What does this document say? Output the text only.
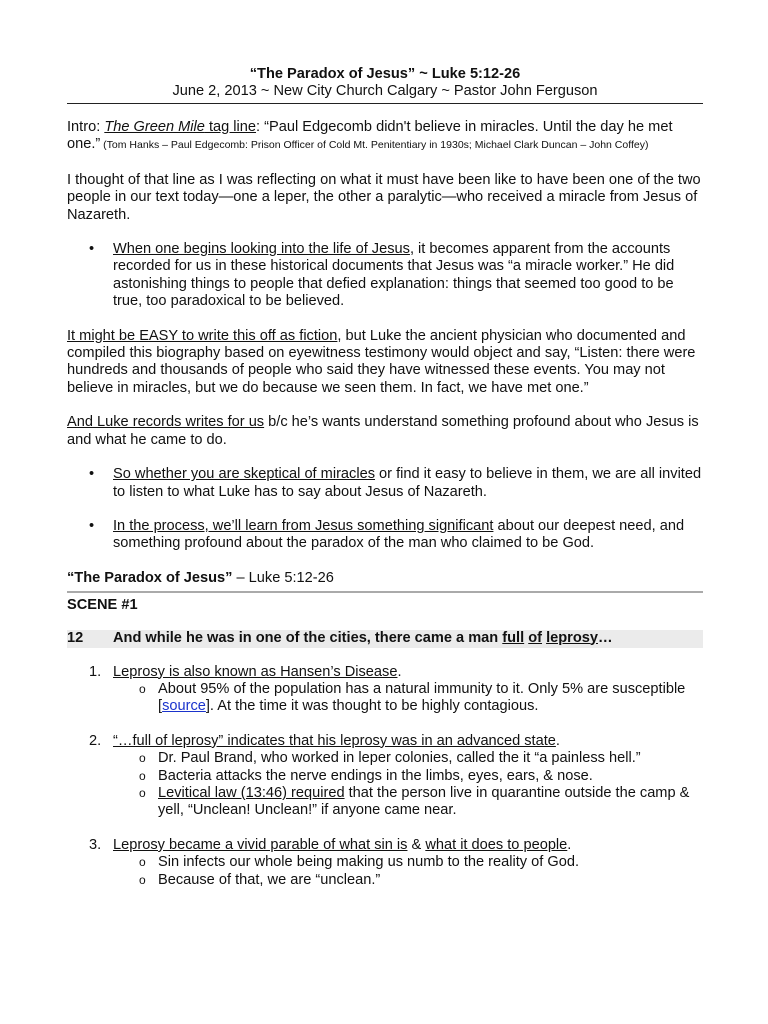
“The Paradox of Jesus” ~ Luke 5:12-26
June 2, 2013 ~ New City Church Calgary ~ Pastor John Ferguson

Intro: The Green Mile tag line: “Paul Edgecomb didn't believe in miracles. Until the day he met one.” (Tom Hanks – Paul Edgecomb: Prison Officer of Cold Mt. Penitentiary in 1930s; Michael Clark Duncan – John Coffey)

I thought of that line as I was reflecting on what it must have been like to have been one of the two people in our text today—one a leper, the other a paralytic—who received a miracle from Jesus of Nazareth.

• When one begins looking into the life of Jesus, it becomes apparent from the accounts recorded for us in these historical documents that Jesus was “a miracle worker.” He did astonishing things to people that defied explanation: things that seemed too good to be true, too paradoxical to be believed.

It might be EASY to write this off as fiction, but Luke the ancient physician who documented and compiled this biography based on eyewitness testimony would object and say, “Listen: there were hundreds and thousands of people who said they have witnessed these events. You may not believe in miracles, but we do because we seen them. In fact, we have met one.”

And Luke records writes for us b/c he’s wants understand something profound about who Jesus is and what he came to do.

• So whether you are skeptical of miracles or find it easy to believe in them, we are all invited to listen to what Luke has to say about Jesus of Nazareth.
• In the process, we’ll learn from Jesus something significant about our deepest need, and something profound about the paradox of the man who claimed to be God.

“The Paradox of Jesus” – Luke 5:12-26

SCENE #1

12 And while he was in one of the cities, there came a man full of leprosy…
1. Leprosy is also known as Hansen’s Disease.
o About 95% of the population has a natural immunity to it. Only 5% are susceptible [source]. At the time it was thought to be highly contagious.
2. “…full of leprosy” indicates that his leprosy was in an advanced state.
o Dr. Paul Brand, who worked in leper colonies, called the it “a painless hell.”
o Bacteria attacks the nerve endings in the limbs, eyes, ears, & nose.
o Levitical law (13:46) required that the person live in quarantine outside the camp & yell, “Unclean! Unclean!” if anyone came near.
3. Leprosy became a vivid parable of what sin is & what it does to people.
o Sin infects our whole being making us numb to the reality of God.
o Because of that, we are “unclean.”
